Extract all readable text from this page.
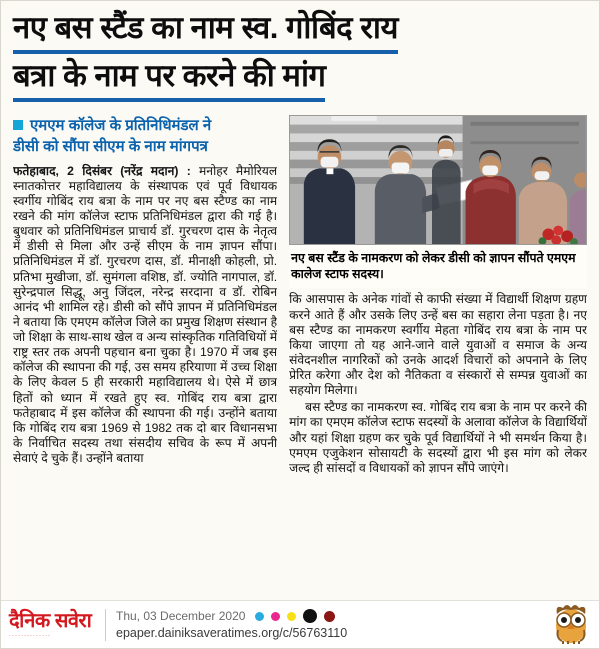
नए बस स्टैंड का नाम स्व. गोबिंद राय
बत्रा के नाम पर करने की मांग
एमएम कॉलेज के प्रतिनिधिमंडल ने
डीसी को सौंपा सीएम के नाम मांगपत्र

फतेहाबाद, 2 दिसंबर (नरेंद्र मदान) : मनोहर मैमोरियल स्नातकोत्तर महाविद्यालय के संस्थापक एवं पूर्व विधायक स्वर्गीय गोबिंद राय बत्रा के नाम पर नए बस स्टैण्ड का नाम रखने की मांग कॉलेज स्टाफ प्रतिनिधिमंडल द्वारा की गई है। बुधवार को प्रतिनिधिमंडल प्राचार्य डॉ. गुरचरण दास के नेतृत्व में डीसी से मिला और उन्हें सीएम के नाम ज्ञापन सौंपा। प्रतिनिधिमंडल में डॉ. गुरचरण दास, डॉ. मीनाक्षी कोहली, प्रो. प्रतिभा मुखीजा, डॉ. सुमंगला वशिष्ठ, डॉ. ज्योति नागपाल, डॉ. सुरेन्द्रपाल सिद्धू, अनु जिंदल, नरेन्द्र सरदाना व डॉ. रोबिन आनंद भी शामिल रहे। डीसी को सौंपे ज्ञापन में प्रतिनिधिमंडल ने बताया कि एमएम कॉलेज जिले का प्रमुख शिक्षण संस्थान है जो शिक्षा के साथ-साथ खेल व अन्य सांस्कृतिक गतिविधियों में राष्ट्र स्तर तक अपनी पहचान बना चुका है। 1970 में जब इस कॉलेज की स्थापना की गई, उस समय हरियाणा में उच्च शिक्षा के लिए केवल 5 ही सरकारी महाविद्यालय थे। ऐसे में छात्र हितों को ध्यान में रखते हुए स्व. गोबिंद राय बत्रा द्वारा फतेहाबाद में इस कॉलेज की स्थापना की गई। उन्होंने बताया कि गोबिंद राय बत्रा 1969 से 1982 तक दो बार विधानसभा के निर्वाचित सदस्य तथा संसदीय सचिव के रूप में अपनी सेवाएं दे चुके हैं। उन्होंने बताया

नए बस स्टैंड के नामकरण को लेकर डीसी को ज्ञापन सौंपते एमएम कालेज स्टाफ सदस्य।

कि आसपास के अनेक गांवों से काफी संख्या में विद्यार्थी शिक्षण ग्रहण करने आते हैं और उसके लिए उन्हें बस का सहारा लेना पड़ता है। नए बस स्टैण्ड का नामकरण स्वर्गीय मेहता गोबिंद राय बत्रा के नाम पर किया जाएगा तो यह आने-जाने वाले युवाओं व समाज के अन्य संवेदनशील नागरिकों को उनके आदर्श विचारों को अपनाने के लिए प्रेरित करेगा और देश को नैतिकता व संस्कारों से सम्पन्न युवाओं का सहयोग मिलेगा।

बस स्टैण्ड का नामकरण स्व. गोबिंद राय बत्रा के नाम पर करने की मांग का एमएम कॉलेज स्टाफ सदस्यों के अलावा कॉलेज के विद्यार्थियों और यहां शिक्षा ग्रहण कर चुके पूर्व विद्यार्थियों ने भी समर्थन किया है। एमएम एजुकेशन सोसायटी के सदस्यों द्वारा भी इस मांग को लेकर जल्द ही सांसदों व विधायकों को ज्ञापन सौंपे जाएंगे।

दैनिक सवेरा
··············
Thu, 03 December 2020
epaper.dainiksaveratimes.org/c/56763110
